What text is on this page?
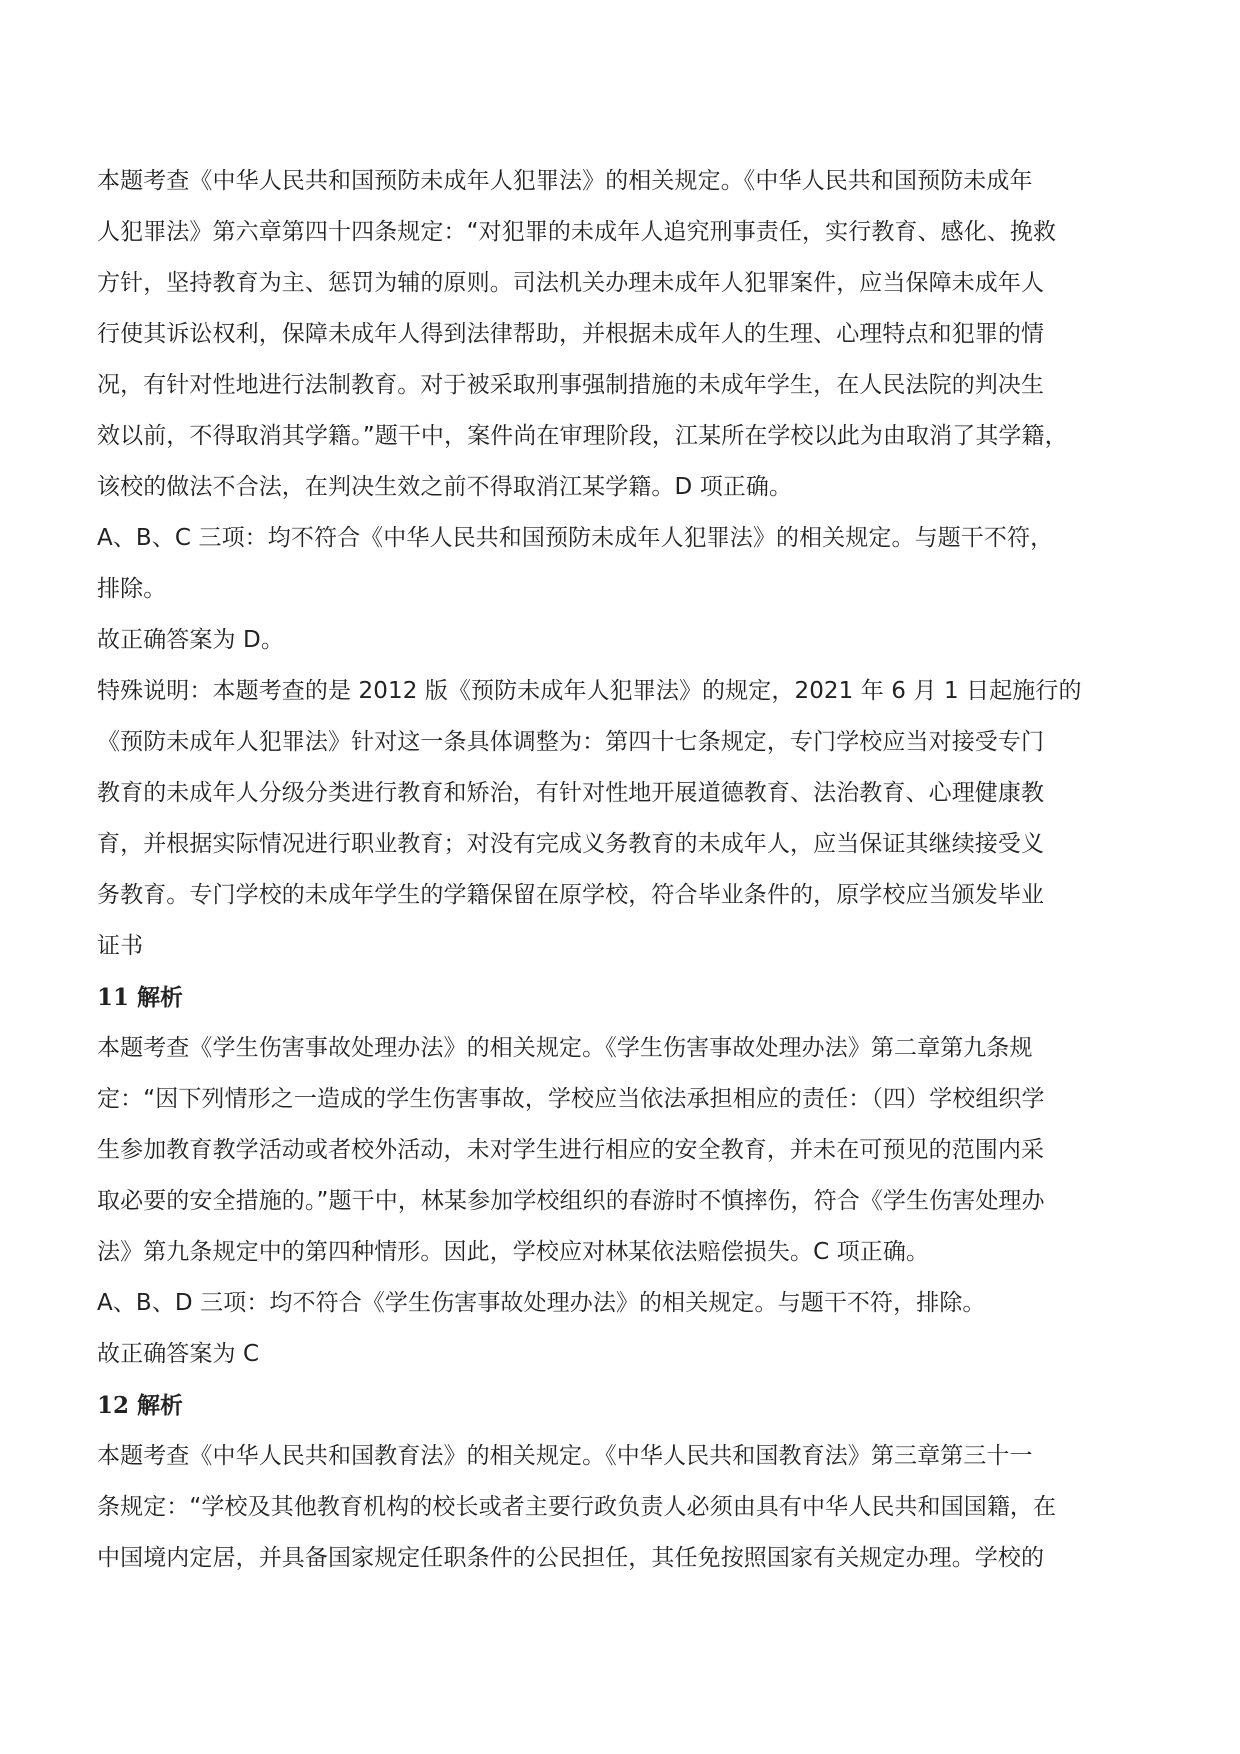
本题考查《中华人民共和国预防未成年人犯罪法》的相关规定。《中华人民共和国预防未成年
人犯罪法》第六章第四十四条规定：“对犯罪的未成年人追究刑事责任，实行教育、感化、挽救
方针，坚持教育为主、惩罚为辅的原则。司法机关办理未成年人犯罪案件，应当保障未成年人
行使其诉讼权利，保障未成年人得到法律帮助，并根据未成年人的生理、心理特点和犯罪的情
况，有针对性地进行法制教育。对于被采取刑事强制措施的未成年学生，在人民法院的判决生
效以前，不得取消其学籍。”题干中，案件尚在审理阶段，江某所在学校以此为由取消了其学籍，
该校的做法不合法，在判决生效之前不得取消江某学籍。D 项正确。
A、B、C 三项：均不符合《中华人民共和国预防未成年人犯罪法》的相关规定。与题干不符，
排除。
故正确答案为 D。
特殊说明：本题考查的是 2012 版《预防未成年人犯罪法》的规定，2021 年 6 月 1 日起施行的
《预防未成年人犯罪法》针对这一条具体调整为：第四十七条规定，专门学校应当对接受专门
教育的未成年人分级分类进行教育和矫治，有针对性地开展道德教育、法治教育、心理健康教
育，并根据实际情况进行职业教育；对没有完成义务教育的未成年人，应当保证其继续接受义
务教育。专门学校的未成年学生的学籍保留在原学校，符合毕业条件的，原学校应当颁发毕业
证书
11 解析
本题考查《学生伤害事故处理办法》的相关规定。《学生伤害事故处理办法》第二章第九条规
定：“因下列情形之一造成的学生伤害事故，学校应当依法承担相应的责任：（四）学校组织学
生参加教育教学活动或者校外活动，未对学生进行相应的安全教育，并未在可预见的范围内采
取必要的安全措施的。”题干中，林某参加学校组织的春游时不慎摔伤，符合《学生伤害处理办
法》第九条规定中的第四种情形。因此，学校应对林某依法赔偿损失。C 项正确。
A、B、D 三项：均不符合《学生伤害事故处理办法》的相关规定。与题干不符，排除。
故正确答案为 C
12 解析
本题考查《中华人民共和国教育法》的相关规定。《中华人民共和国教育法》第三章第三十一
条规定：“学校及其他教育机构的校长或者主要行政负责人必须由具有中华人民共和国国籍，在
中国境内定居，并具备国家规定任职条件的公民担任，其任免按照国家有关规定办理。学校的
